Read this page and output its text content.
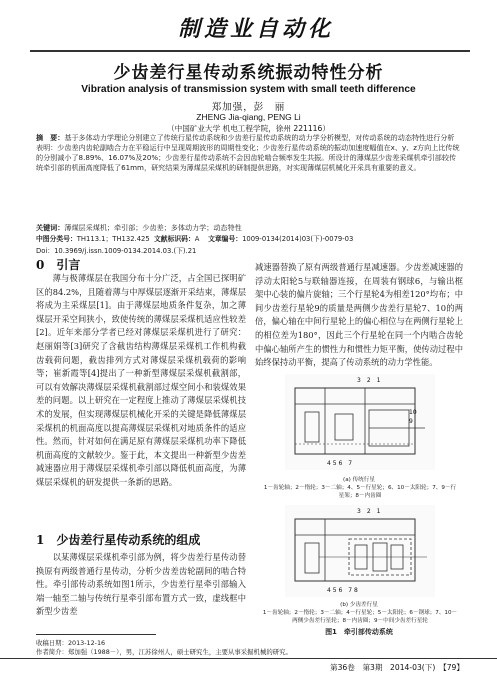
制造业自动化
少齿差行星传动系统振动特性分析
Vibration analysis of transmission system with small teeth difference
郑加强，彭　丽
ZHENG Jia-qiang, PENG Li
（中国矿业大学 机电工程学院，徐州 221116）
摘　要：基于多体动力学理论分别建立了传统行星传动系统和少齿差行星传动系统的动力学分析模型，对传动系统的动态特性进行分析表明：少齿差内齿轮副啮合力在平稳运行中呈现周期波形的周期性变化；少齿差行星传动系统的振动加速度幅值在x、y、z方向上比传统的分别减小了8.89%、16.07%及20%；少齿差行星传动系统不会因齿轮啮合频率发生共振。所设计的薄煤层少齿差采煤机牵引部较传统牵引部的机面高度降低了61mm，研究结果为薄煤层采煤机的研制提供思路，对实现薄煤层机械化开采具有重要的意义。
关键词：薄煤层采煤机；牵引部；少齿差；多体动力学；动态特性
中图分类号：TH113.1；TH132.425 文献标识码：A 文章编号：1009-0134(2014)03(下)-0079-03
Doi：10.3969/j.issn.1009-0134.2014.03.(下).21
0　引言
薄与极薄煤层在我国分布十分广泛，占全国已探明矿区的84.2%，且随着薄与中厚煤层逐渐开采结束，薄煤层将成为主采煤层[1]。由于薄煤层地质条件复杂，加之薄煤层开采空间狭小，致使传统的薄煤层采煤机适应性较差[2]。近年来部分学者已经对薄煤层采煤机进行了研究：赵丽娟等[3]研究了含截齿结构薄煤层采煤机工作机构截齿载荷问题，截齿排列方式对薄煤层采煤机载荷的影响等；崔新霞等[4]提出了一种新型薄煤层采煤机截割部，可以有效解决薄煤层采煤机截割部过煤空间小和装煤效果差的问题。以上研究在一定程度上推动了薄煤层采煤机技术的发展，但实现薄煤层机械化开采的关键是降低薄煤层采煤机的机面高度以提高薄煤层采煤机对地质条件的适应性。然而，针对如何在满足原有薄煤层采煤机功率下降低机面高度的文献较少。鉴于此，本文提出一种新型少齿差减速器应用于薄煤层采煤机牵引部以降低机面高度，为薄煤层采煤机的研发提供一条新的思路。
1　少齿差行星传动系统的组成
以某薄煤层采煤机牵引部为例，将少齿差行星传动替换原有两级普通行星传动，分析少齿差齿轮副间的啮合特性。牵引部传动系统如图1所示，少齿差行星牵引部输入端一轴至二轴与传统行星牵引部布置方式一致，虚线框中新型少齿差
减速器替换了原有两级普通行星减速器。少齿差减速器的浮动太阳轮5与联轴器连接，在周装有钢球6，与输出框架中心装的偏片旋轴；三个行星轮4为相差120°均布；中间少齿差行星轮9的质量是两侧少齿差行星轮7、10的两倍，偏心轴在中间行星轮上的偏心相位与在两侧行星轮上的相位差为180°，因此三个行星轮在同一个内啮合齿轮中偏心轴所产生的惯性力和惯性力矩平衡，使传动过程中始终保持动平衡，提高了传动系统的动力学性能。
3　2　1
10
9
4 5 6　7
(a) 传统行星
1－齿轮轴；2－惰轮；3－二轴；4、5－行星轮；6、10－太阳轮；7、9－行星架；8－内齿圈
3　2　1
4 5 6　7 8
(b) 少齿差行星
1－齿轮轴；2－惰轮；3－二轴；4－行星轮；5－太阳轮；6－钢球；7、10－两侧少齿差行星轮；8－内齿圈；9－中间少齿差行星轮
图1　牵引部传动系统
收稿日期：2013-12-16
作者简介：郑加强（1988－），男，江苏徐州人，硕士研究生，主要从事采掘机械的研究。
第36卷　第3期　2014-03(下)　【79】
